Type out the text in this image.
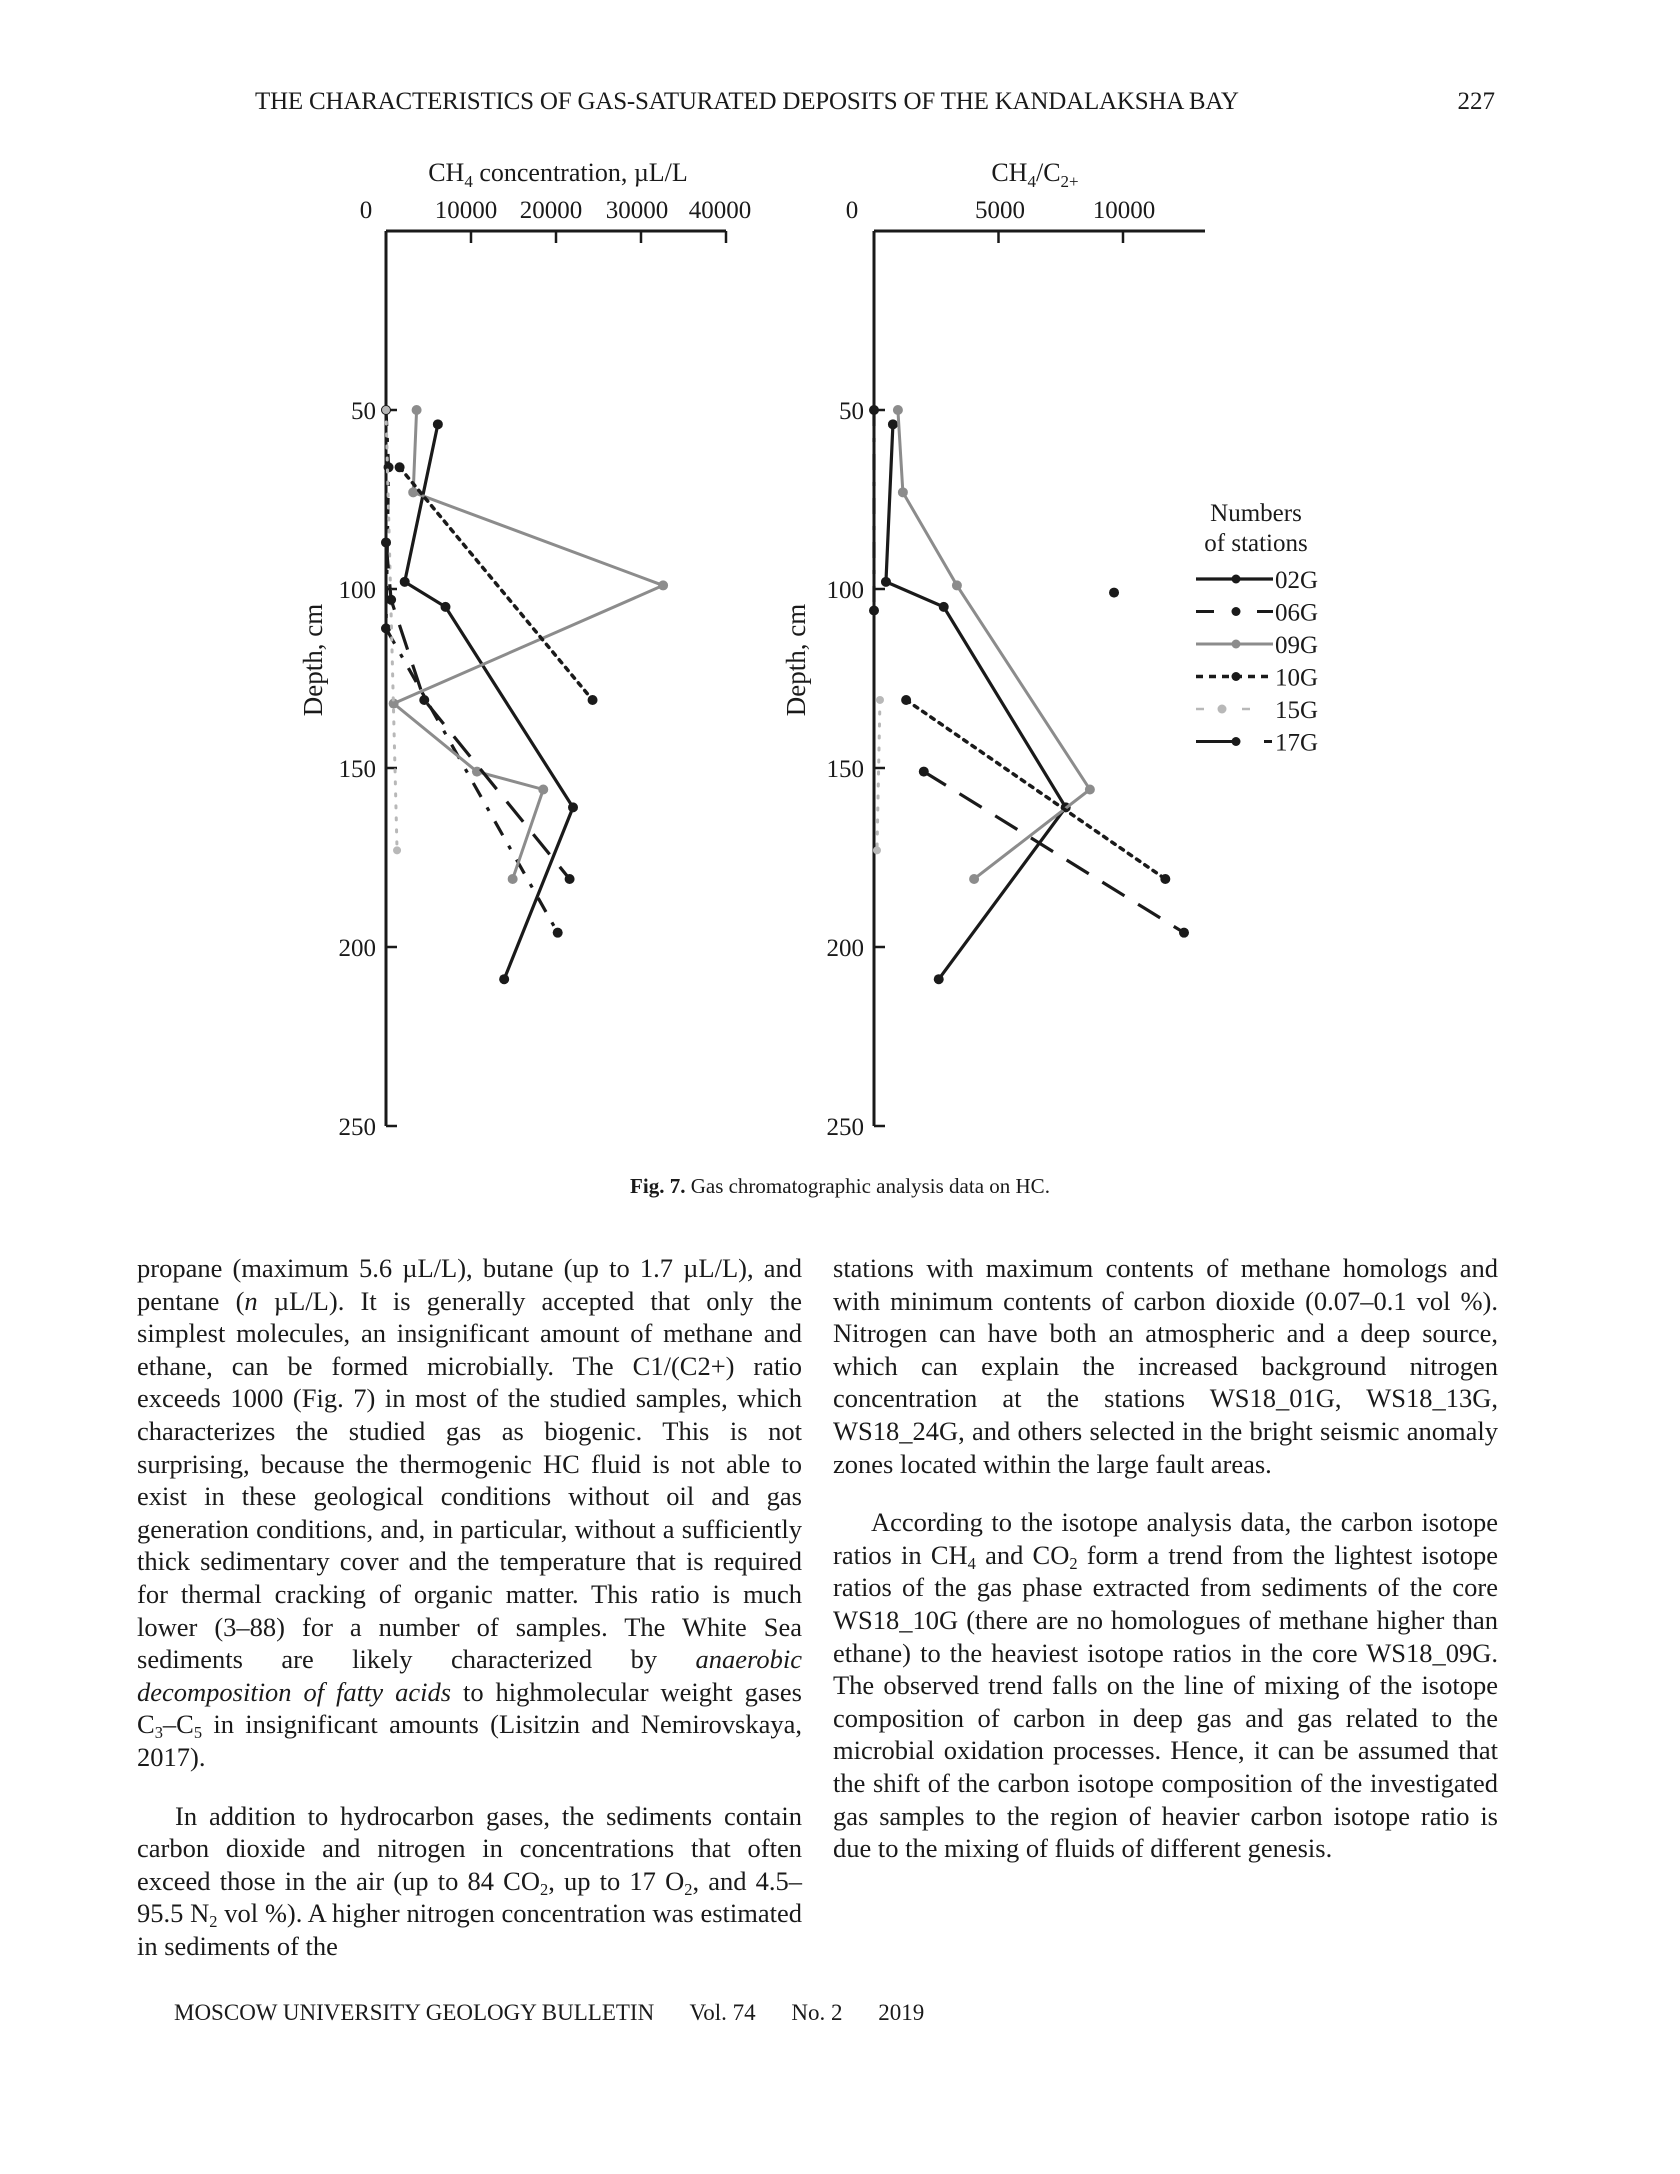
THE CHARACTERISTICS OF GAS-SATURATED DEPOSITS OF THE KANDALAKSHA BAY	227
$CH_4$ concentration, µL/L
0	10000 20000 30000 40000
50
100
150
200
250
Depth, cm
$CH_4/C_{2+}$
0	5000	10000
50
100
150
200
250
Depth, cm
Numbers
of stations
02G
06G
09G
10G
15G
17G
Fig. 7. Gas chromatographic analysis data on HC.

propane (maximum 5.6 µL/L), butane (up to 1.7 µL/L), and pentane (n µL/L). It is generally accepted that only the simplest molecules, an insignificant amount of methane and ethane, can be formed microbially. The C1/(C2+) ratio exceeds 1000 (Fig. 7) in most of the studied samples, which characterizes the studied gas as biogenic. This is not surprising, because the thermogenic HC fluid is not able to exist in these geological conditions without oil and gas generation conditions, and, in particular, without a sufficiently thick sedimentary cover and the temperature that is required for thermal cracking of organic matter. This ratio is much lower (3–88) for a number of samples. The White Sea sediments are likely characterized by anaerobic decomposition of fatty acids to highmolecular weight gases $C_3-C_5$ in insignificant amounts (Lisitzin and Nemirovskaya, 2017).

In addition to hydrocarbon gases, the sediments contain carbon dioxide and nitrogen in concentrations that often exceed those in the air (up to 84 $CO_2$, up to 17 $O_2$, and 4.5–95.5 $N_2$ vol %). A higher nitrogen concentration was estimated in sediments of the

stations with maximum contents of methane homologs and with minimum contents of carbon dioxide (0.07–0.1 vol %). Nitrogen can have both an atmospheric and a deep source, which can explain the increased background nitrogen concentration at the stations WS18_01G, WS18_13G, WS18_24G, and others selected in the bright seismic anomaly zones located within the large fault areas.

According to the isotope analysis data, the carbon isotope ratios in $CH_4$ and $CO_2$ form a trend from the lightest isotope ratios of the gas phase extracted from sediments of the core WS18_10G (there are no homologues of methane higher than ethane) to the heaviest isotope ratios in the core WS18_09G. The observed trend falls on the line of mixing of the isotope composition of carbon in deep gas and gas related to the microbial oxidation processes. Hence, it can be assumed that the shift of the carbon isotope composition of the investigated gas samples to the region of heavier carbon isotope ratio is due to the mixing of fluids of different genesis.

MOSCOW UNIVERSITY GEOLOGY BULLETIN Vol. 74 No. 2 2019
